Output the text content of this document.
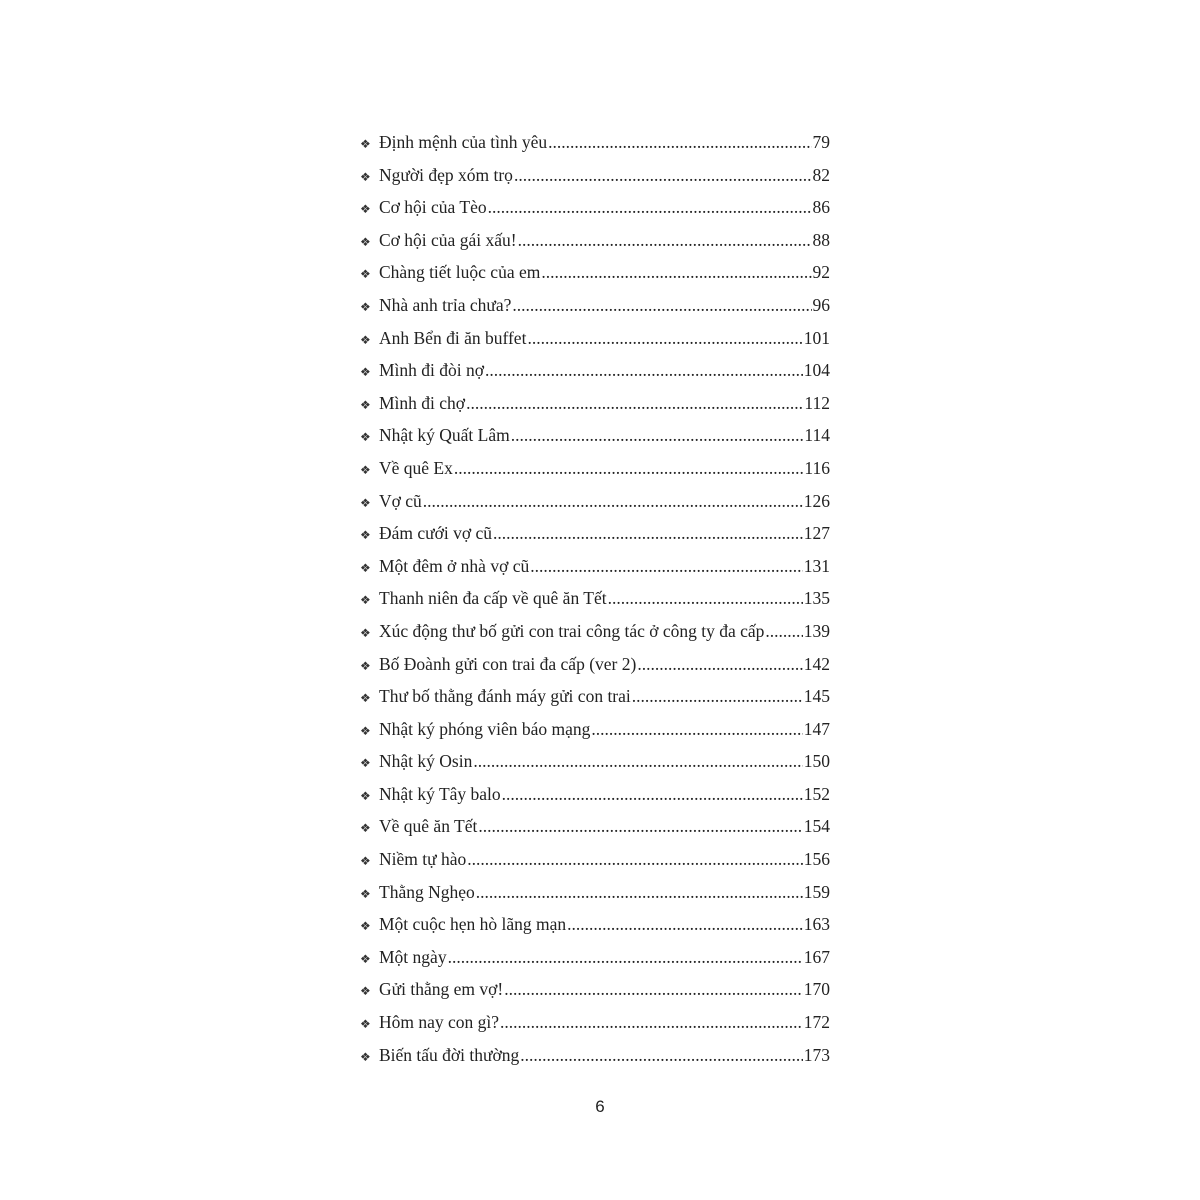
❖ Định mệnh của tình yêu .....	79
❖ Người đẹp xóm trọ .....	82
❖ Cơ hội của Tèo .....	86
❖ Cơ hội của gái xấu! .....	88
❖ Chàng tiết luộc của em .....	92
❖ Nhà anh trỉa chưa? .....	96
❖ Anh Bển đi ăn buffet .....	101
❖ Mình đi đòi nợ .....	104
❖ Mình đi chợ .....	112
❖ Nhật ký Quất Lâm .....	114
❖ Về quê Ex .....	116
❖ Vợ cũ .....	126
❖ Đám cưới vợ cũ .....	127
❖ Một đêm ở nhà vợ cũ .....	131
❖ Thanh niên đa cấp về quê ăn Tết .....	135
❖ Xúc động thư bố gửi con trai công tác ở công ty đa cấp ..... 139
❖ Bố Đoành gửi con trai đa cấp (ver 2) .....	142
❖ Thư bố thằng đánh máy gửi con trai .....	145
❖ Nhật ký phóng viên báo mạng .....	147
❖ Nhật ký Osin .....	150
❖ Nhật ký Tây balo .....	152
❖ Về quê ăn Tết .....	154
❖ Niềm tự hào .....	156
❖ Thằng Nghẹo .....	159
❖ Một cuộc hẹn hò lãng mạn .....	163
❖ Một ngày .....	167
❖ Gửi thằng em vợ! .....	170
❖ Hôm nay con gì? .....	172
❖ Biến tấu đời thường .....	173
6
